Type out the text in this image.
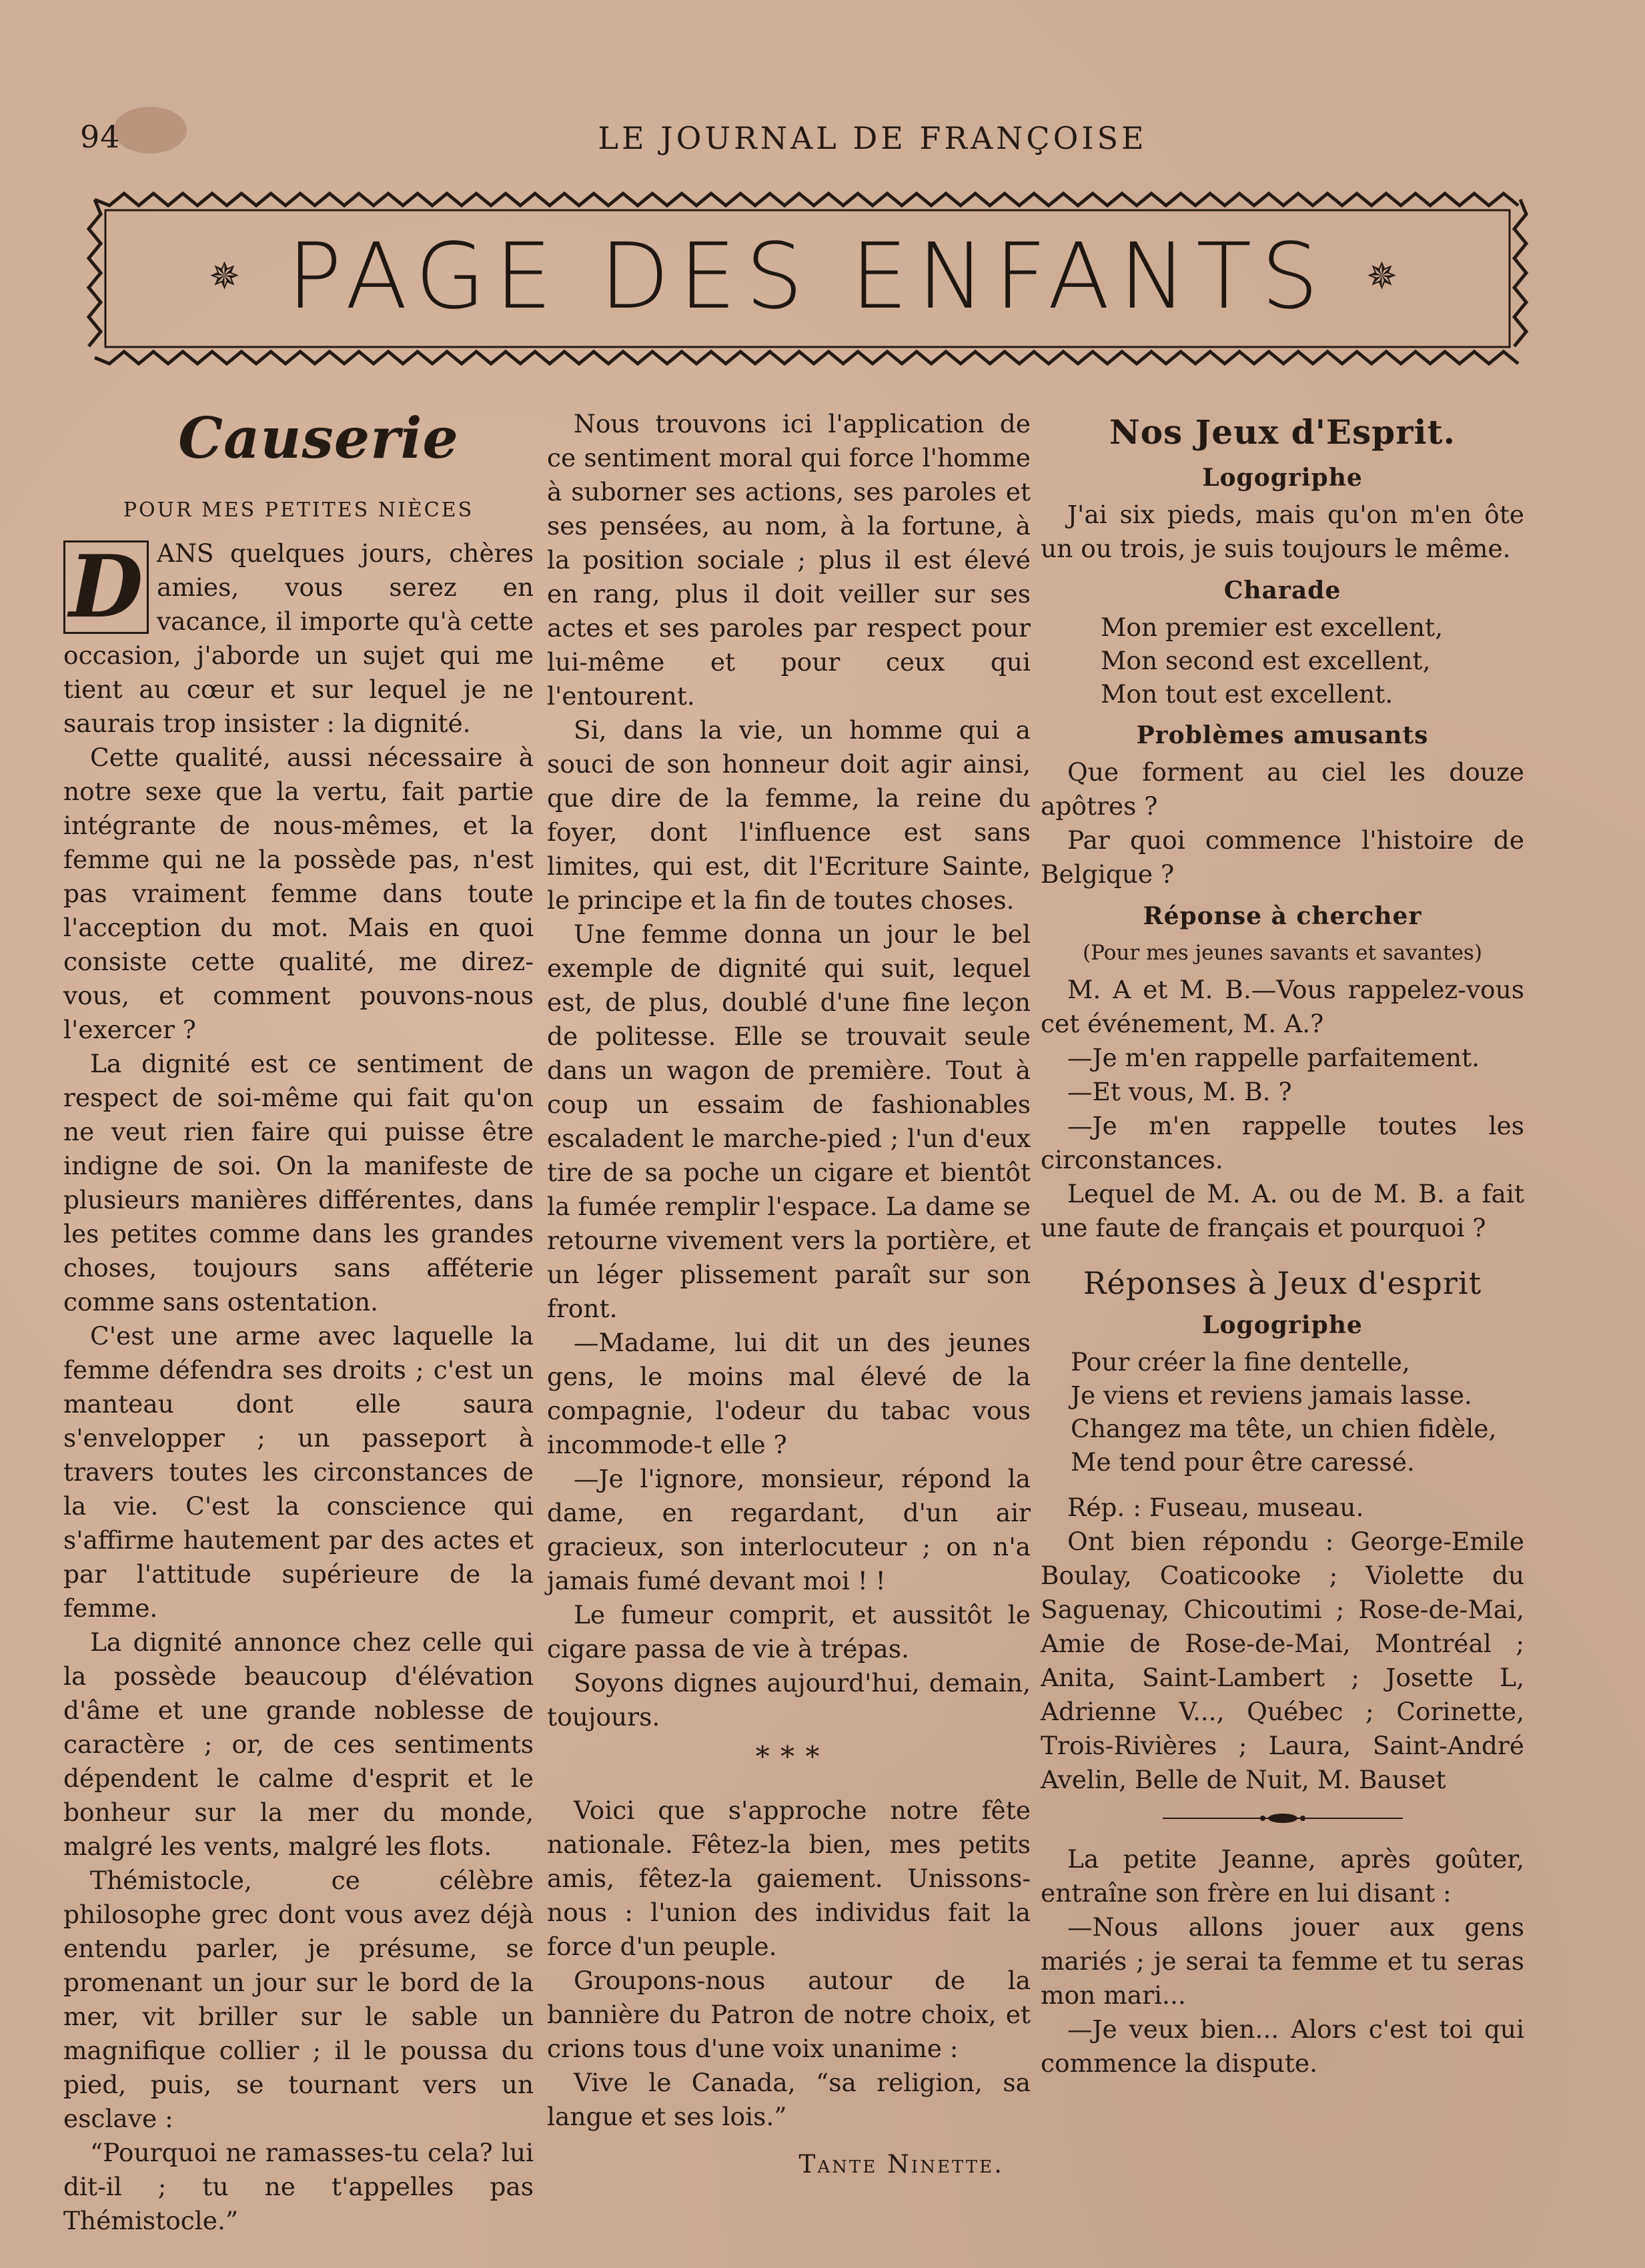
94	LE JOURNAL DE FRANÇOISE
✵ PAGE DES ENFANTS	✵
Causerie
POUR MES PETITES NIÈCES
D ANS quelques jours, chères amies, vous serez en vacance, il importe qu'à cette occasion, j'aborde un sujet qui me tient au cœur et sur lequel je ne saurais trop insister : la dignité.

Cette qualité, aussi nécessaire à notre sexe que la vertu, fait partie intégrante de nous-mêmes, et la femme qui ne la possède pas, n'est pas vraiment femme dans toute l'acception du mot. Mais en quoi consiste cette qualité, me direz-vous, et comment pouvons-nous l'exercer ?

La dignité est ce sentiment de respect de soi-même qui fait qu'on ne veut rien faire qui puisse être indigne de soi. On la manifeste de plusieurs manières différentes, dans les petites comme dans les grandes choses, toujours sans afféterie comme sans ostentation.

C'est une arme avec laquelle la femme défendra ses droits ; c'est un manteau dont elle saura s'envelopper ; un passeport à travers toutes les circonstances de la vie. C'est la conscience qui s'affirme hautement par des actes et par l'attitude supérieure de la femme.

La dignité annonce chez celle qui la possède beaucoup d'élévation d'âme et une grande noblesse de caractère ; or, de ces sentiments dépendent le calme d'esprit et le bonheur sur la mer du monde, malgré les vents, malgré les flots.

Thémistocle, ce célèbre philosophe grec dont vous avez déjà entendu parler, je présume, se promenant un jour sur le bord de la mer, vit briller sur le sable un magnifique collier ; il le poussa du pied, puis, se tournant vers un esclave :

“Pourquoi ne ramasses-tu cela? lui dit-il ; tu ne t'appelles pas Thémistocle.”

Nous trouvons ici l'application de ce sentiment moral qui force l'homme à suborner ses actions, ses paroles et ses pensées, au nom, à la fortune, à la position sociale ; plus il est élevé en rang, plus il doit veiller sur ses actes et ses paroles par respect pour lui-même et pour ceux qui l'entourent.

Si, dans la vie, un homme qui a souci de son honneur doit agir ainsi, que dire de la femme, la reine du foyer, dont l'influence est sans limites, qui est, dit l'Ecriture Sainte, le principe et la fin de toutes choses.

Une femme donna un jour le bel exemple de dignité qui suit, lequel est, de plus, doublé d'une fine leçon de politesse. Elle se trouvait seule dans un wagon de première. Tout à coup un essaim de fashionables escaladent le marche-pied ; l'un d'eux tire de sa poche un cigare et bientôt la fumée remplir l'espace. La dame se retourne vivement vers la portière, et un léger plissement paraît sur son front.

—Madame, lui dit un des jeunes gens, le moins mal élevé de la compagnie, l'odeur du tabac vous incommode-t elle ?

—Je l'ignore, monsieur, répond la dame, en regardant, d'un air gracieux, son interlocuteur ; on n'a jamais fumé devant moi ! !

Le fumeur comprit, et aussitôt le cigare passa de vie à trépas.

Soyons dignes aujourd'hui, demain, toujours.

* * *

Voici que s'approche notre fête nationale. Fêtez-la bien, mes petits amis, fêtez-la gaiement. Unissons-nous : l'union des individus fait la force d'un peuple.

Groupons-nous autour de la bannière du Patron de notre choix, et crions tous d'une voix unanime :

Vive le Canada, “sa religion, sa langue et ses lois.”

Tante Ninette.
Nos Jeux d'Esprit.
Logogriphe

J'ai six pieds, mais qu'on m'en ôte un ou trois, je suis toujours le même.

Charade
Mon premier est excellent,
Mon second est excellent,
Mon tout est excellent.
Problèmes amusants

Que forment au ciel les douze apôtres ?

Par quoi commence l'histoire de Belgique ?

Réponse à chercher
(Pour mes jeunes savants et savantes)

M. A et M. B.—Vous rappelez-vous cet événement, M. A.?

—Je m'en rappelle parfaitement.

—Et vous, M. B. ?

—Je m'en rappelle toutes les circonstances.

Lequel de M. A. ou de M. B. a fait une faute de français et pourquoi ?

Réponses à Jeux d'esprit
Logogriphe
Pour créer la fine dentelle,
Je viens et reviens jamais lasse.
Changez ma tête, un chien fidèle,
Me tend pour être caressé.

Rép. : Fuseau, museau.

Ont bien répondu : George-Emile Boulay, Coaticooke ; Violette du Saguenay, Chicoutimi ; Rose-de-Mai, Amie de Rose-de-Mai, Montréal ; Anita, Saint-Lambert ; Josette L, Adrienne V..., Québec ; Corinette, Trois-Rivières ; Laura, Saint-André Avelin, Belle de Nuit, M. Bauset

La petite Jeanne, après goûter, entraîne son frère en lui disant :

—Nous allons jouer aux gens mariés ; je serai ta femme et tu seras mon mari...

—Je veux bien... Alors c'est toi qui commence la dispute.
